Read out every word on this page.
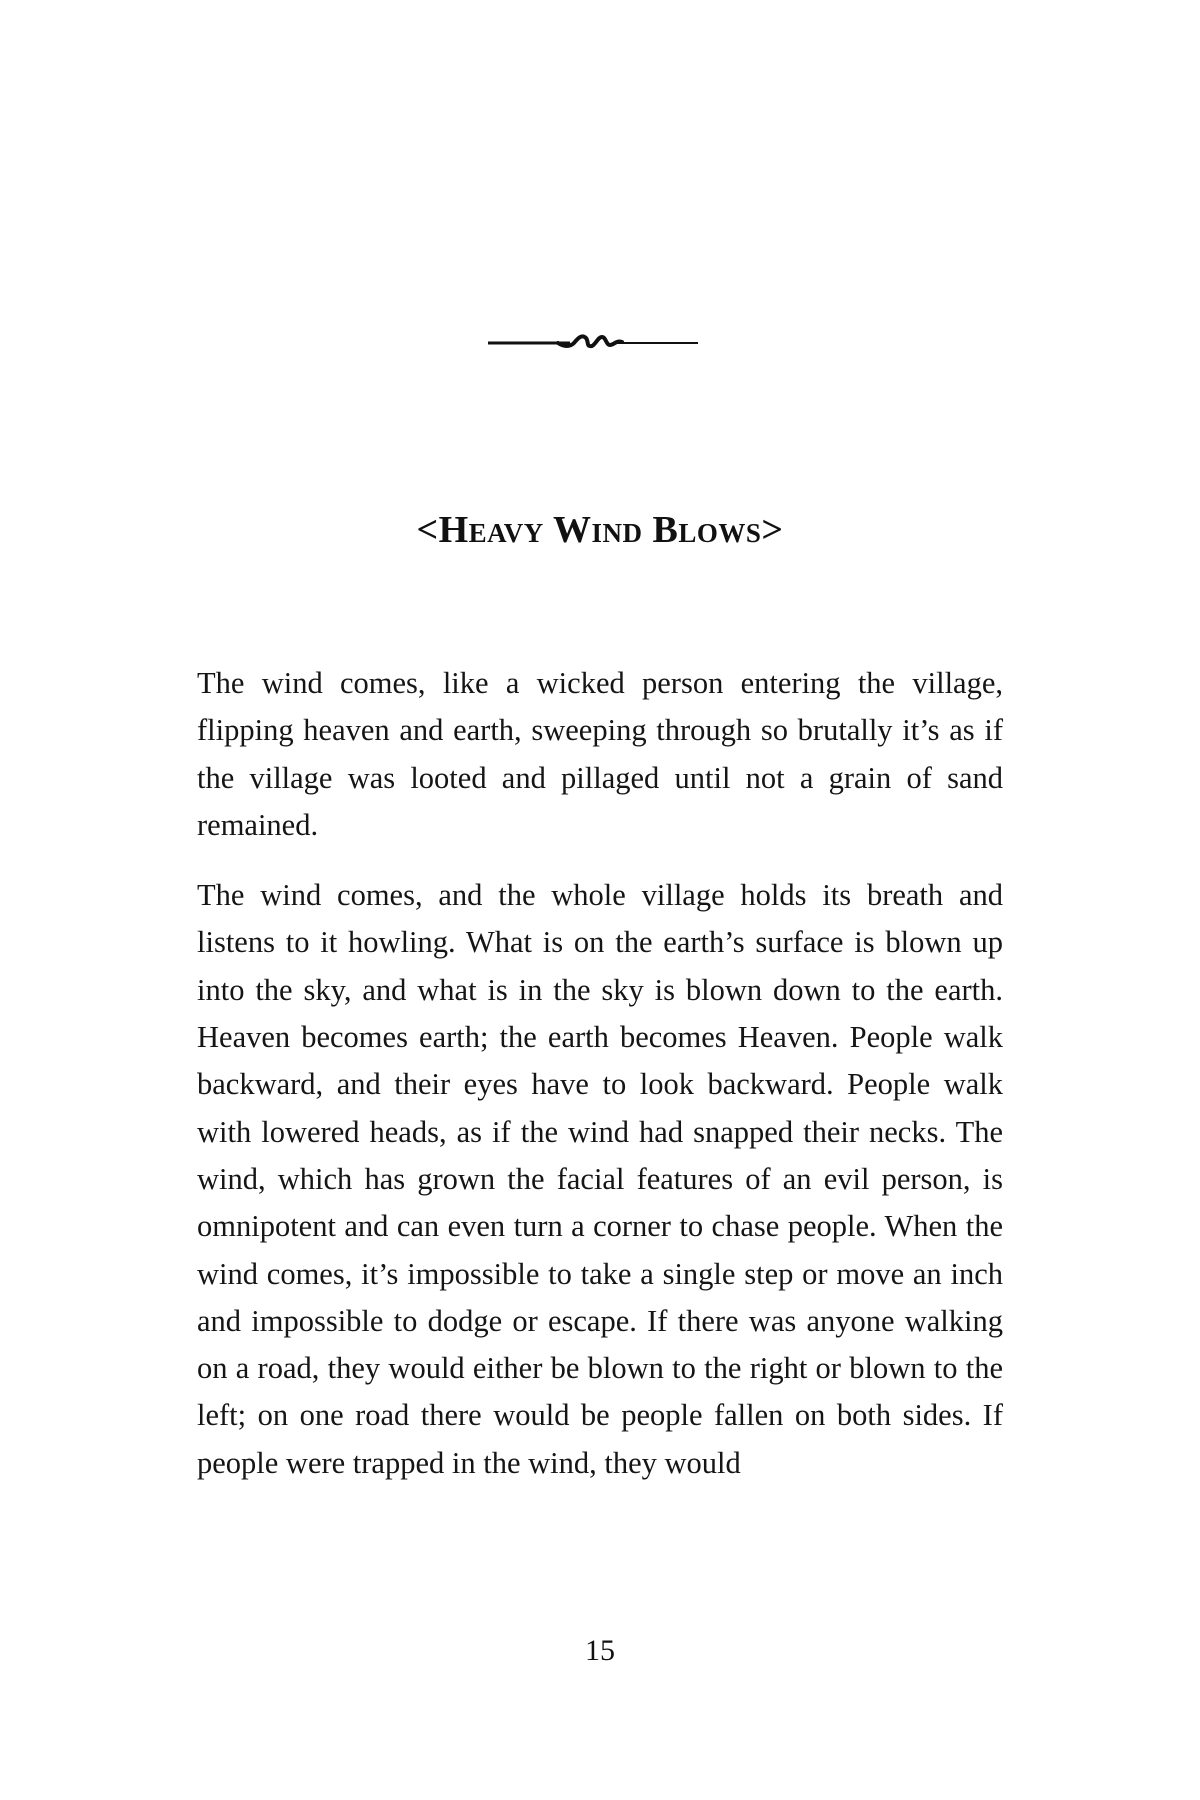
<Heavy Wind Blows>

The wind comes, like a wicked person entering the village, flipping heaven and earth, sweeping through so brutally it’s as if the village was looted and pillaged until not a grain of sand remained.

The wind comes, and the whole village holds its breath and listens to it howling. What is on the earth’s surface is blown up into the sky, and what is in the sky is blown down to the earth. Heaven becomes earth; the earth becomes Heaven. People walk backward, and their eyes have to look backward. People walk with lowered heads, as if the wind had snapped their necks. The wind, which has grown the facial features of an evil person, is omnipotent and can even turn a corner to chase people. When the wind comes, it’s impossible to take a single step or move an inch and impossible to dodge or escape. If there was anyone walking on a road, they would either be blown to the right or blown to the left; on one road there would be people fallen on both sides. If people were trapped in the wind, they would

15
